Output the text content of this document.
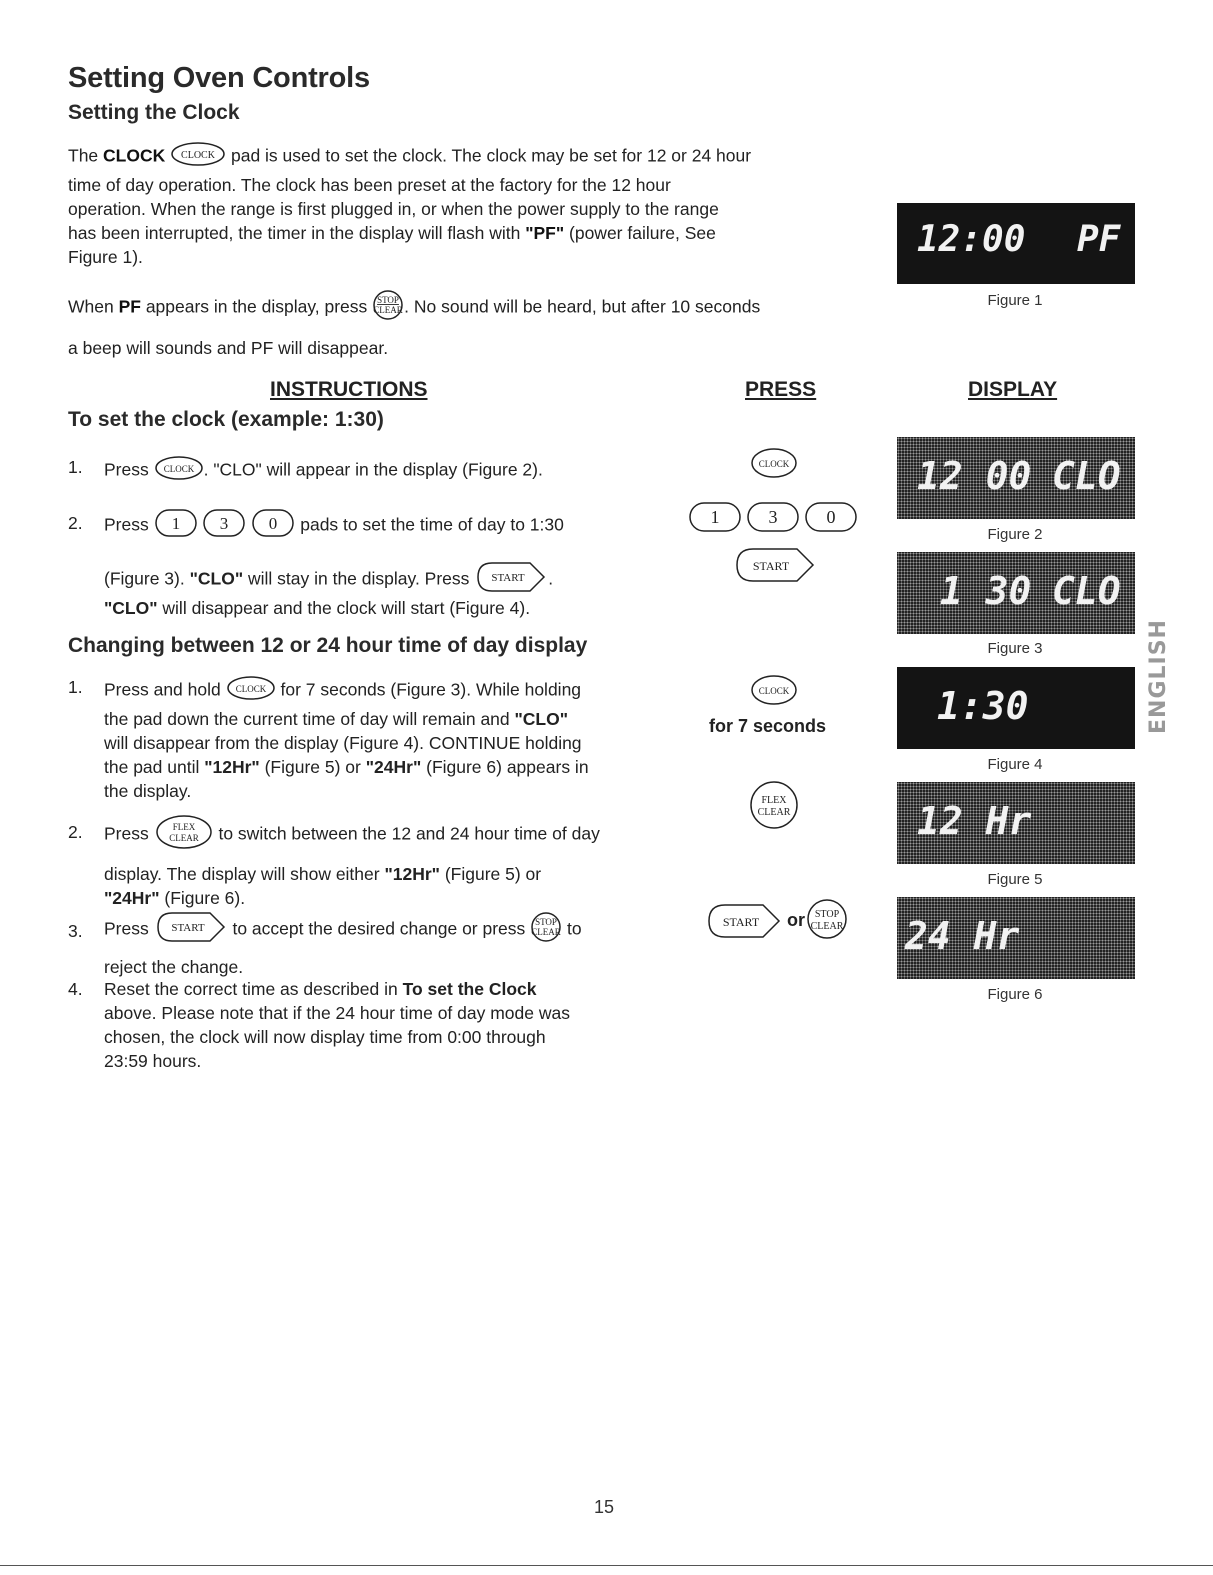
Setting Oven Controls
Setting the Clock
The CLOCK CLOCK pad is used to set the clock. The clock may be set for 12 or 24 hour
time of day operation. The clock has been preset at the factory for the 12 hour
operation. When the range is first plugged in, or when the power supply to the range
has been interrupted, the timer in the display will flash with "PF" (power failure, See
Figure 1).
When PF appears in the display, press STOP
CLEAR . No sound will be heard, but after 10 seconds
a beep will sounds and PF will disappear.
12:00 PF
Figure 1
INSTRUCTIONS	PRESS	DISPLAY
To set the clock (example: 1:30)
1. Press CLOCK . "CLO" will appear in the display (Figure 2).
2. Press 1
3
0 pads to set the time of day to 1:30
(Figure 3). "CLO" will stay in the display. Press START .
"CLO" will disappear and the clock will start (Figure 4).
Changing between 12 or 24 hour time of day display
1. Press and hold CLOCK for 7 seconds (Figure 3). While holding
the pad down the current time of day will remain and "CLO"
will disappear from the display (Figure 4). CONTINUE holding
the pad until "12Hr" (Figure 5) or "24Hr" (Figure 6) appears in
the display.
2. Press FLEX
CLEAR to switch between the 12 and 24 hour time of day
display. The display will show either "12Hr" (Figure 5) or
"24Hr" (Figure 6).
3. Press START to accept the desired change or press STOP
CLEAR to
reject the change.
4. Reset the correct time as described in To set the Clock
above. Please note that if the 24 hour time of day mode was
chosen, the clock will now display time from 0:00 through
23:59 hours.
CLOCK
1	3	0
START
CLOCK
for 7 seconds
FLEX
CLEAR
START or STOP
CLEAR
12 00 CLO
Figure 2
1 30 CLO
Figure 3
1:30
Figure 4
12 Hr
Figure 5
24 Hr
Figure 6
ENGLISH
15
